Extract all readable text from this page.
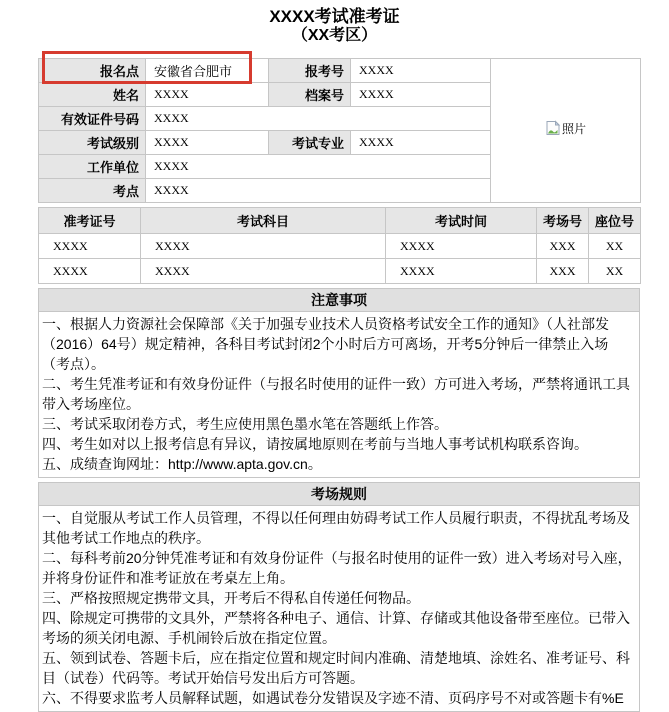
XXXX考试准考证
（XX考区）
报名点	安徽省合肥市	报考号	XXXX	照片

姓名	XXXX	档案号	XXXX	
有效证件号码	XXXX			
考试级别	XXXX	考试专业	XXXX	
工作单位	XXXX			
考点	XXXX			
准考证号	考试科目	考试时间	考场号	座位号
XXXX	XXXX	XXXX	XXX	XX
XXXX	XXXX	XXXX	XXX	XX
注意事项

一、根据人力资源社会保障部《关于加强专业技术人员资格考试安全工作的通知》（人社部发（2016）64号）规定精神，各科目考试封闭2个小时后方可离场，开考5分钟后一律禁止入场（考点）。

二、考生凭准考证和有效身份证件（与报名时使用的证件一致）方可进入考场，严禁将通讯工具带入考场座位。

三、考试采取闭卷方式，考生应使用黑色墨水笔在答题纸上作答。

四、考生如对以上报考信息有异议，请按属地原则在考前与当地人事考试机构联系咨询。

五、成绩查询网址：http://www.apta.gov.cn。

考场规则

一、自觉服从考试工作人员管理，不得以任何理由妨碍考试工作人员履行职责，不得扰乱考场及其他考试工作地点的秩序。

二、每科考前20分钟凭准考证和有效身份证件（与报名时使用的证件一致）进入考场对号入座，并将身份证件和准考证放在考桌左上角。

三、严格按照规定携带文具，开考后不得私自传递任何物品。

四、除规定可携带的文具外，严禁将各种电子、通信、计算、存储或其他设备带至座位。已带入考场的须关闭电源、手机闹铃后放在指定位置。

五、领到试卷、答题卡后，应在指定位置和规定时间内准确、清楚地填、涂姓名、准考证号、科目（试卷）代码等。考试开始信号发出后方可答题。

六、不得要求监考人员解释试题，如遇试卷分发错误及字迹不清、页码序号不对或答题卡有%E
